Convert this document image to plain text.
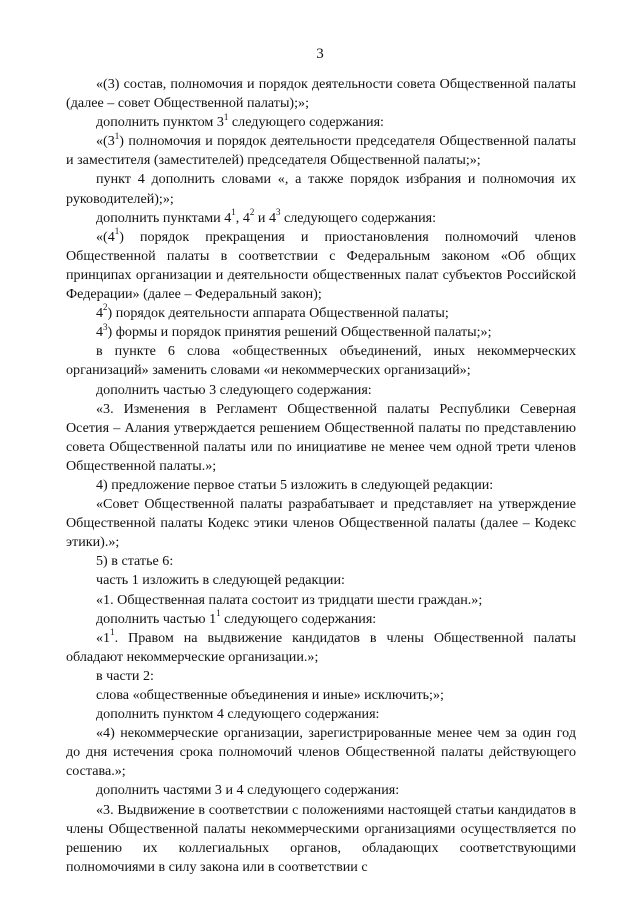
3

«(3) состав, полномочия и порядок деятельности совета Общественной палаты (далее – совет Общественной палаты);»;

дополнить пунктом $3^1$ следующего содержания:

«$(3^1)$ полномочия и порядок деятельности председателя Общественной палаты и заместителя (заместителей) председателя Общественной палаты;»;

пункт 4 дополнить словами «, а также порядок избрания и полномочия их руководителей);»;

дополнить пунктами $4^1$, $4^2$ и $4^3$ следующего содержания:

«$(4^1)$ порядок прекращения и приостановления полномочий членов Общественной палаты в соответствии с Федеральным законом «Об общих принципах организации и деятельности общественных палат субъектов Российской Федерации» (далее – Федеральный закон);

$4^2$) порядок деятельности аппарата Общественной палаты;

$4^3$) формы и порядок принятия решений Общественной палаты;»;

в пункте 6 слова «общественных объединений, иных некоммерческих организаций» заменить словами «и некоммерческих организаций»;

дополнить частью 3 следующего содержания:

«3. Изменения в Регламент Общественной палаты Республики Северная Осетия – Алания утверждается решением Общественной палаты по представлению совета Общественной палаты или по инициативе не менее чем одной трети членов Общественной палаты.»;

4) предложение первое статьи 5 изложить в следующей редакции:

«Совет Общественной палаты разрабатывает и представляет на утверждение Общественной палаты Кодекс этики членов Общественной палаты (далее – Кодекс этики).»;

5) в статье 6:

часть 1 изложить в следующей редакции:

«1. Общественная палата состоит из тридцати шести граждан.»;

дополнить частью $1^1$ следующего содержания:

«$1^1$. Правом на выдвижение кандидатов в члены Общественной палаты обладают некоммерческие организации.»;

в части 2:

слова «общественные объединения и иные» исключить;»;

дополнить пунктом 4 следующего содержания:

«4) некоммерческие организации, зарегистрированные менее чем за один год до дня истечения срока полномочий членов Общественной палаты действующего состава.»;

дополнить частями 3 и 4 следующего содержания:

«3. Выдвижение в соответствии с положениями настоящей статьи кандидатов в члены Общественной палаты некоммерческими организациями осуществляется по решению их коллегиальных органов, обладающих соответствующими полномочиями в силу закона или в соответствии с
